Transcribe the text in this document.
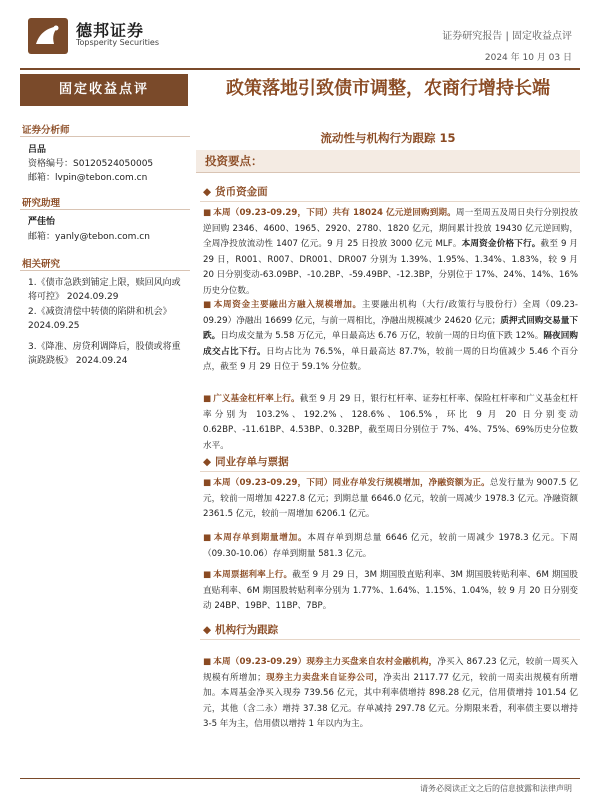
德邦证券
Topsperity Securities
证券研究报告 | 固定收益点评
2024 年 10 月 03 日
固定收益点评
证券分析师
吕品
资格编号：S0120524050005
邮箱：lvpin@tebon.com.cn
研究助理
严佳怡
邮箱：yanly@tebon.com.cn
相关研究
1.《债市急跌到铺定上限，赎回风向或将可控》 2024.09.29
2.《减资清偿中转债的陷阱和机会》
2024.09.25
3.《降准、房贷利调降后，股债或将重演跷跷板》 2024.09.24
政策落地引致债市调整，农商行增持长端
流动性与机构行为跟踪 15
投资要点：
◆ 货币资金面
■ 本周（09.23-09.29，下同）共有 18024 亿元逆回购到期。周一至周五及周日央行分别投放逆回购 2346、4600、1965、2920、2780、1820 亿元，期间累计投放 19430 亿元逆回购，全周净投放流动性 1407 亿元。9 月 25 日投放 3000 亿元 MLF。本周资金价格下行。截至 9 月 29 日，R001、R007、DR001、DR007 分别为 1.39%、1.95%、1.34%、1.83%，较 9 月 20 日分别变动-63.09BP、-10.2BP、-59.49BP、-12.3BP，分别位于 17%、24%、14%、16%历史分位数。
■ 本周资金主要融出方融入规模增加。主要融出机构（大行/政策行与股份行）全周（09.23-09.29）净融出 16699 亿元，与前一周相比，净融出规模减少 24620 亿元；质押式回购交易量下跌。日均成交量为 5.58 万亿元，单日最高达 6.76 万亿，较前一周的日均值下跌 12%。隔夜回购成交占比下行。日均占比为 76.5%，单日最高达 87.7%，较前一周的日均值减少 5.46 个百分点，截至 9 月 29 日位于 59.1% 分位数。
■ 广义基金杠杆率上行。截至 9 月 29 日，银行杠杆率、证券杠杆率、保险杠杆率和广义基金杠杆率分别为 103.2%、192.2%、128.6%、106.5%，环比 9 月 20 日分别变动 0.62BP、-11.61BP、4.53BP、0.32BP，截至周日分别位于 7%、4%、75%、69%历史分位数水平。
◆ 同业存单与票据
■ 本周（09.23-09.29，下同）同业存单发行规模增加，净融资额为正。总发行量为 9007.5 亿元，较前一周增加 4227.8 亿元；到期总量 6646.0 亿元，较前一周减少 1978.3 亿元。净融资额 2361.5 亿元，较前一周增加 6206.1 亿元。
■ 本周存单到期量增加。本周存单到期总量 6646 亿元，较前一周减少 1978.3 亿元。下周（09.30-10.06）存单到期量 581.3 亿元。
■ 本周票据利率上行。截至 9 月 29 日，3M 期国股直贴利率、3M 期国股转贴利率、6M 期国股直贴利率、6M 期国股转贴利率分别为 1.77%、1.64%、1.15%、1.04%，较 9 月 20 日分别变动 24BP、19BP、11BP、7BP。
◆ 机构行为跟踪
■ 本周（09.23-09.29）现券主力买盘来自农村金融机构，净买入 867.23 亿元，较前一周买入规模有所增加；现券主力卖盘来自证券公司，净卖出 2117.77 亿元，较前一周卖出规模有所增加。本周基金净买入现券 739.56 亿元，其中利率债增持 898.28 亿元，信用债增持 101.54 亿元，其他（含二永）增持 37.38 亿元。存单减持 297.78 亿元。分期限来看，利率债主要以增持 3-5 年为主，信用债以增持 1 年以内为主。
请务必阅读正文之后的信息披露和法律声明
